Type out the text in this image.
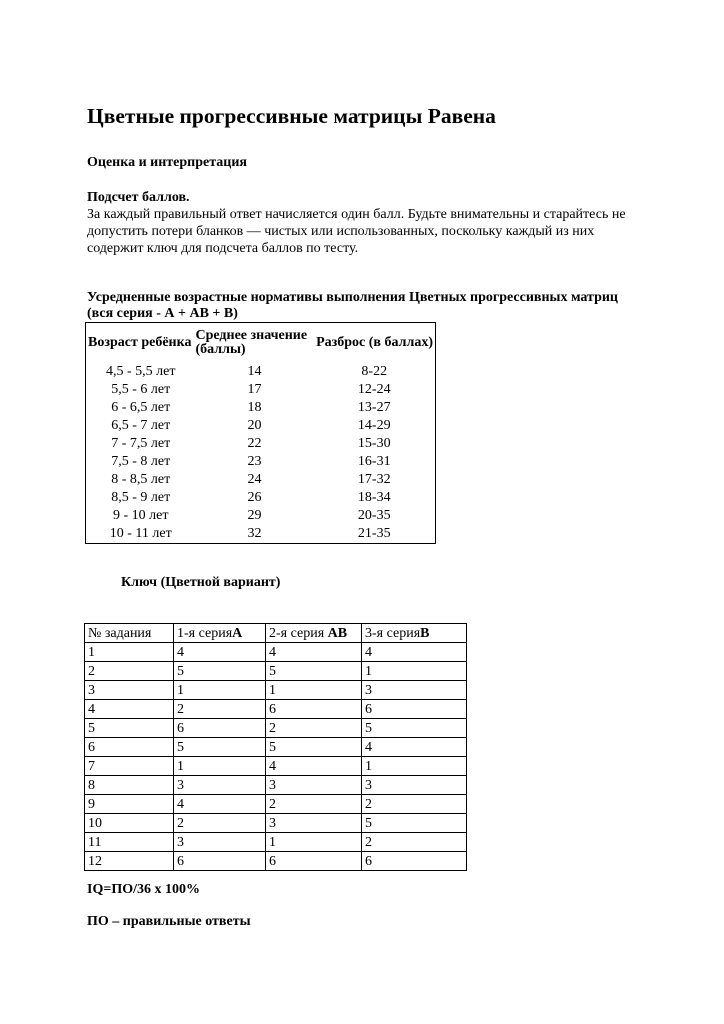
Цветные прогрессивные матрицы Равена
Оценка и интерпретация
Подсчет баллов.
За каждый правильный ответ начисляется один балл. Будьте внимательны и старайтесь не допустить потери бланков — чистых или использованных, поскольку каждый из них содержит ключ для подсчета баллов по тесту.
Усредненные возрастные нормативы выполнения Цветных прогрессивных матриц (вся серия - А + АВ + В)
Возраст ребёнка	Среднее значение (баллы)	Разброс (в баллах)
4,5 - 5,5 лет	14	8-22
5,5 - 6 лет	17	12-24
6 - 6,5 лет	18	13-27
6,5 - 7 лет	20	14-29
7 - 7,5 лет	22	15-30
7,5 - 8 лет	23	16-31
8 - 8,5 лет	24	17-32
8,5 - 9 лет	26	18-34
9 - 10 лет	29	20-35
10 - 11 лет	32	21-35
Ключ (Цветной вариант)
№ задания	1-я серияА	2-я серия АВ	3-я серияВ
1	4	4	4
2	5	5	1
3	1	1	3
4	2	6	6
5	6	2	5
6	5	5	4
7	1	4	1
8	3	3	3
9	4	2	2
10	2	3	5
11	3	1	2
12	6	6	6
IQ=ПО/36 х 100%
ПО – правильные ответы
